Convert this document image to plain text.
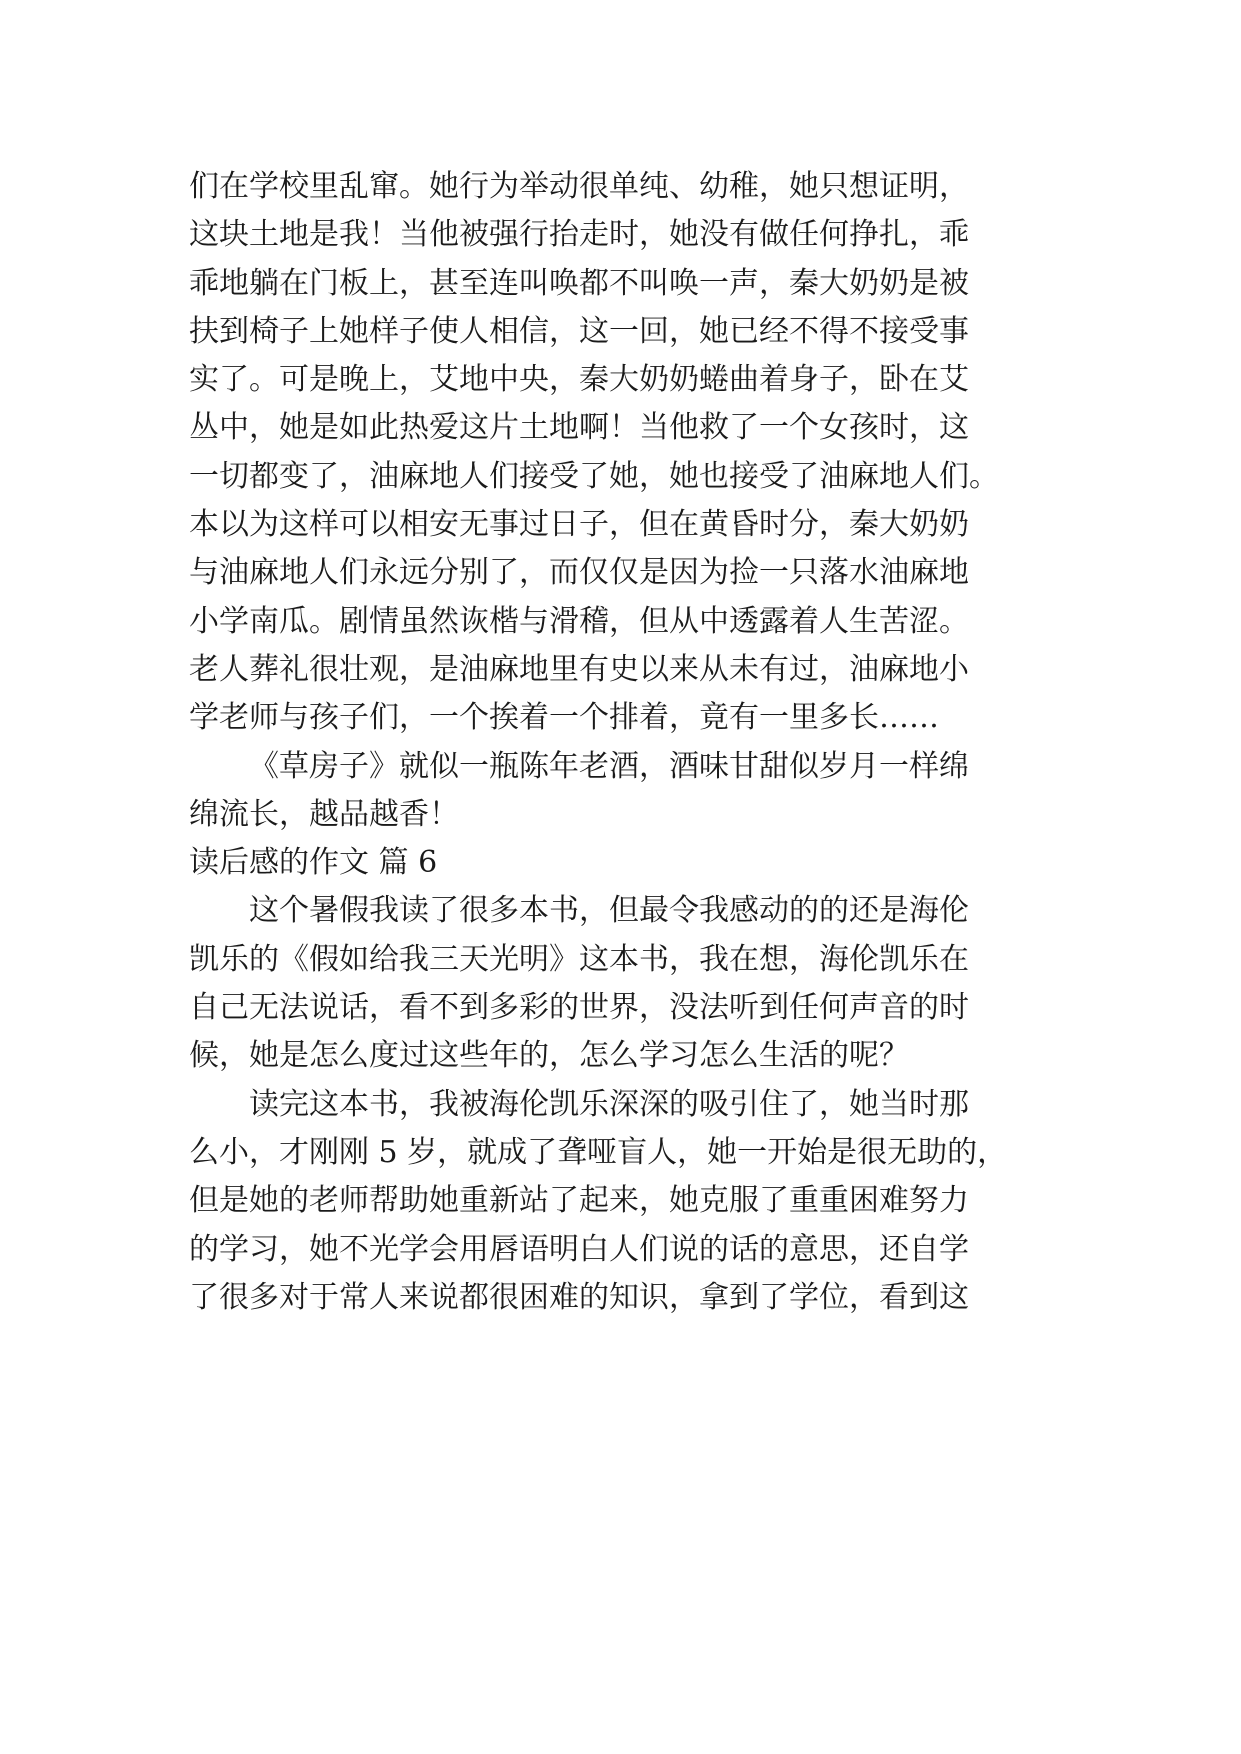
们在学校里乱窜。她行为举动很单纯、幼稚，她只想证明，
这块土地是我！当他被强行抬走时，她没有做任何挣扎，乖
乖地躺在门板上，甚至连叫唤都不叫唤一声，秦大奶奶是被
扶到椅子上她样子使人相信，这一回，她已经不得不接受事
实了。可是晚上，艾地中央，秦大奶奶蜷曲着身子，卧在艾
丛中，她是如此热爱这片土地啊！当他救了一个女孩时，这
一切都变了，油麻地人们接受了她，她也接受了油麻地人们。
本以为这样可以相安无事过日子，但在黄昏时分，秦大奶奶
与油麻地人们永远分别了，而仅仅是因为捡一只落水油麻地
小学南瓜。剧情虽然诙楷与滑稽，但从中透露着人生苦涩。
老人葬礼很壮观，是油麻地里有史以来从未有过，油麻地小
学老师与孩子们，一个挨着一个排着，竟有一里多长……
《草房子》就似一瓶陈年老酒，酒味甘甜似岁月一样绵
绵流长，越品越香！
读后感的作文 篇 6
这个暑假我读了很多本书，但最令我感动的的还是海伦
凯乐的《假如给我三天光明》这本书，我在想，海伦凯乐在
自己无法说话，看不到多彩的世界，没法听到任何声音的时
候，她是怎么度过这些年的，怎么学习怎么生活的呢？
读完这本书，我被海伦凯乐深深的吸引住了，她当时那
么小，才刚刚 5 岁，就成了聋哑盲人，她一开始是很无助的，
但是她的老师帮助她重新站了起来，她克服了重重困难努力
的学习，她不光学会用唇语明白人们说的话的意思，还自学
了很多对于常人来说都很困难的知识，拿到了学位，看到这
